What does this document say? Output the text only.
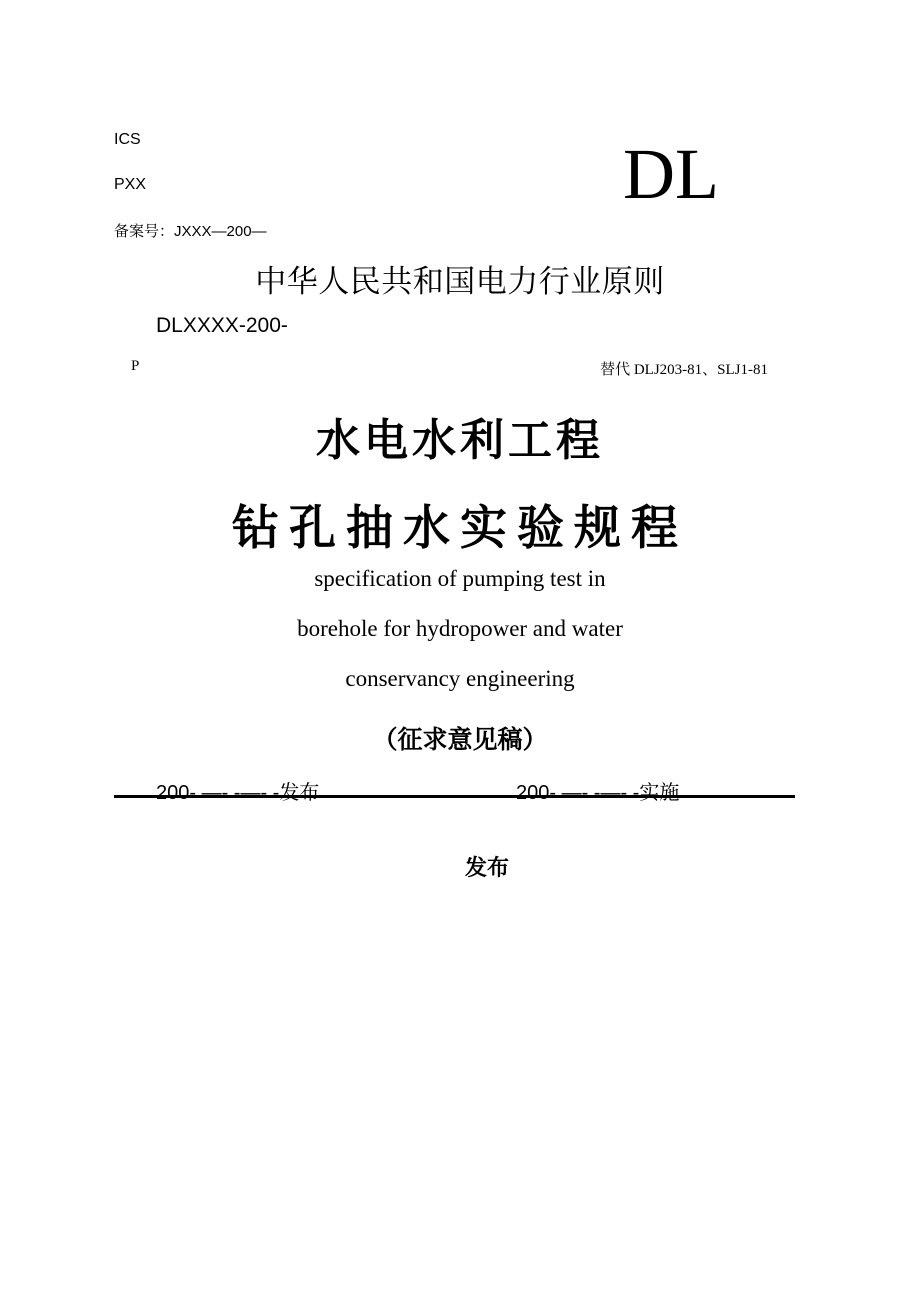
ICS
PXX
备案号：JXXX—200—
DL
中华人民共和国电力行业原则
DLXXXX-200-
P	替代 DLJ203-81、SLJ1-81
水电水利工程
钻孔抽水实验规程
specification of pumping test in
borehole for hydropower and water
conservancy engineering
（征求意见稿）
200- —- -—- -发布	200- —- -—- -实施
发布
